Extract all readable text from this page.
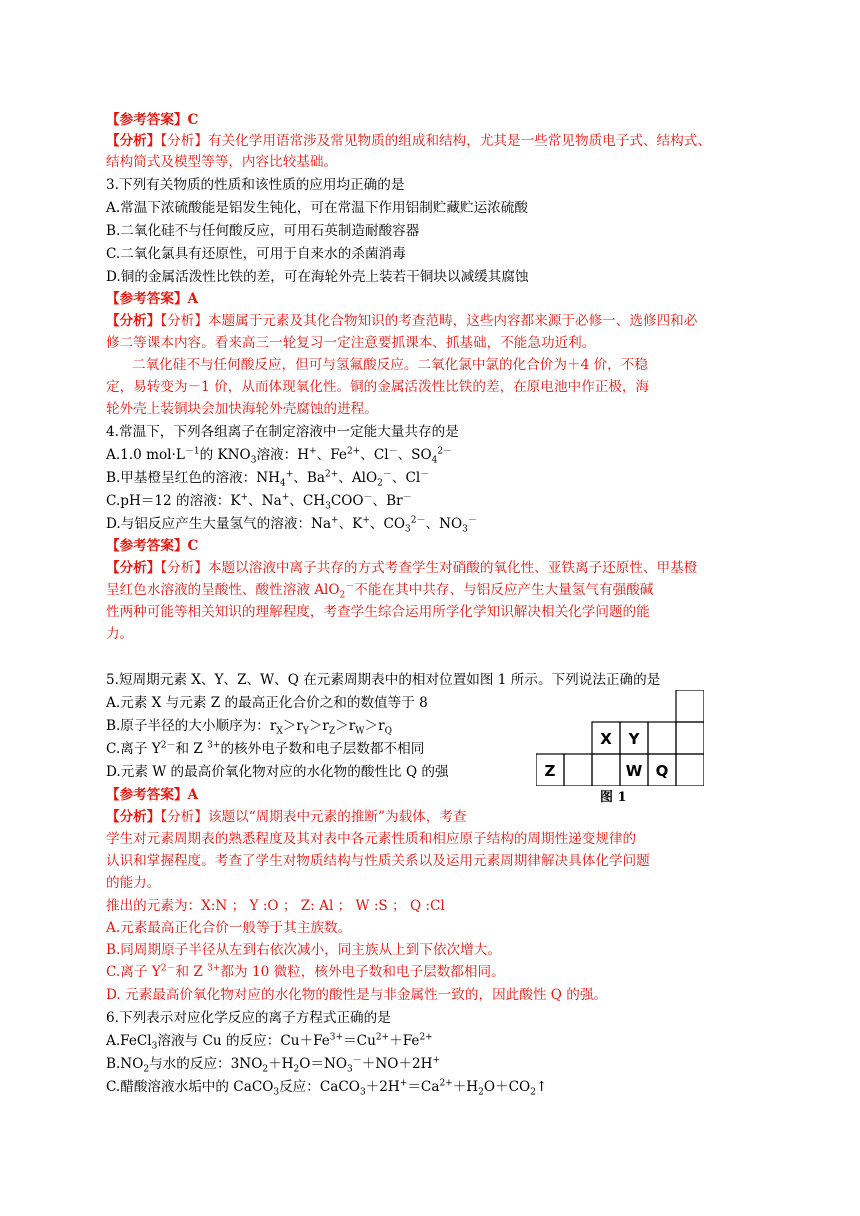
【参考答案】C
【分析】【分析】有关化学用语常涉及常见物质的组成和结构，尤其是一些常见物质电子式、结构式、
结构简式及模型等等，内容比较基础。
3.下列有关物质的性质和该性质的应用均正确的是
A.常温下浓硫酸能是铝发生钝化，可在常温下作用铝制贮藏贮运浓硫酸
B.二氧化硅不与任何酸反应，可用石英制造耐酸容器
C.二氧化氯具有还原性，可用于自来水的杀菌消毒
D.铜的金属活泼性比铁的差，可在海轮外壳上装若干铜块以减缓其腐蚀
【参考答案】A
【分析】【分析】本题属于元素及其化合物知识的考查范畴，这些内容都来源于必修一、选修四和必
修二等课本内容。看来高三一轮复习一定注意要抓课本、抓基础，不能急功近利。
二氧化硅不与任何酸反应，但可与氢氟酸反应。二氧化氯中氯的化合价为＋4 价，不稳
定，易转变为－1 价，从而体现氧化性。铜的金属活泼性比铁的差，在原电池中作正极，海
轮外壳上装铜块会加快海轮外壳腐蚀的进程。
4.常温下，下列各组离子在制定溶液中一定能大量共存的是
A.1.0 $mol\cdot L^{-1}$的 $KNO_3$溶液：H+、$Fe^{2+}$、Cl－、$SO_4^{2-}$
B.甲基橙呈红色的溶液：$NH_4^+$、$Ba^{2+}$、AlO$_2$－、Cl－
C.pH＝12 的溶液：K+、Na+、$CH_3COO^-$、Br－
D.与铝反应产生大量氢气的溶液：Na+、K+、$CO_3^{2-}$、$NO_3^-$
【参考答案】C
【分析】【分析】本题以溶液中离子共存的方式考查学生对硝酸的氧化性、亚铁离子还原性、甲基橙
呈红色水溶液的呈酸性、酸性溶液 AlO$_2$－不能在其中共存、与铝反应产生大量氢气有强酸碱
性两种可能等相关知识的理解程度，考查学生综合运用所学化学知识解决相关化学问题的能
力。
5.短周期元素 X、Y、Z、W、Q 在元素周期表中的相对位置如图 1 所示。下列说法正确的是
A.元素 X 与元素 Z 的最高正化合价之和的数值等于 8
B.原子半径的大小顺序为：$r_X>r_Y>r_Z>r_W>r_Q$
C.离子 $Y^{2-}$和 Z $^{3+}$的核外电子数和电子层数都不相同
D.元素 W 的最高价氧化物对应的水化物的酸性比 Q 的强
【参考答案】A
【分析】【分析】该题以“周期表中元素的推断”为载体，考查
学生对元素周期表的熟悉程度及其对表中各元素性质和相应原子结构的周期性递变规律的
认识和掌握程度。考查了学生对物质结构与性质关系以及运用元素周期律解决具体化学问题
的能力。
推出的元素为：X:N ； Y :O ； Z: Al ； W :S ； Q :Cl
A.元素最高正化合价一般等于其主族数。
B.同周期原子半径从左到右依次减小，同主族从上到下依次增大。
C.离子 $Y^{2-}$和 Z $^{3+}$都为 10 微粒，核外电子数和电子层数都相同。
D. 元素最高价氧化物对应的水化物的酸性是与非金属性一致的，因此酸性 Q 的强。
6.下列表示对应化学反应的离子方程式正确的是
A.FeCl$_3$溶液与 Cu 的反应：$Cu+Fe^{3+}=Cu^{2+}+Fe^{2+}$
$B.NO_2$与水的反应：$3NO_2+H_2O=NO_3^-+NO+2H^+$
C.醋酸溶液水垢中的 CaCO$_3$反应：$CaCO_3+2H^+=Ca^{2+}+H_2O+CO_2↑$
X Y
Z	W Q
图 1
